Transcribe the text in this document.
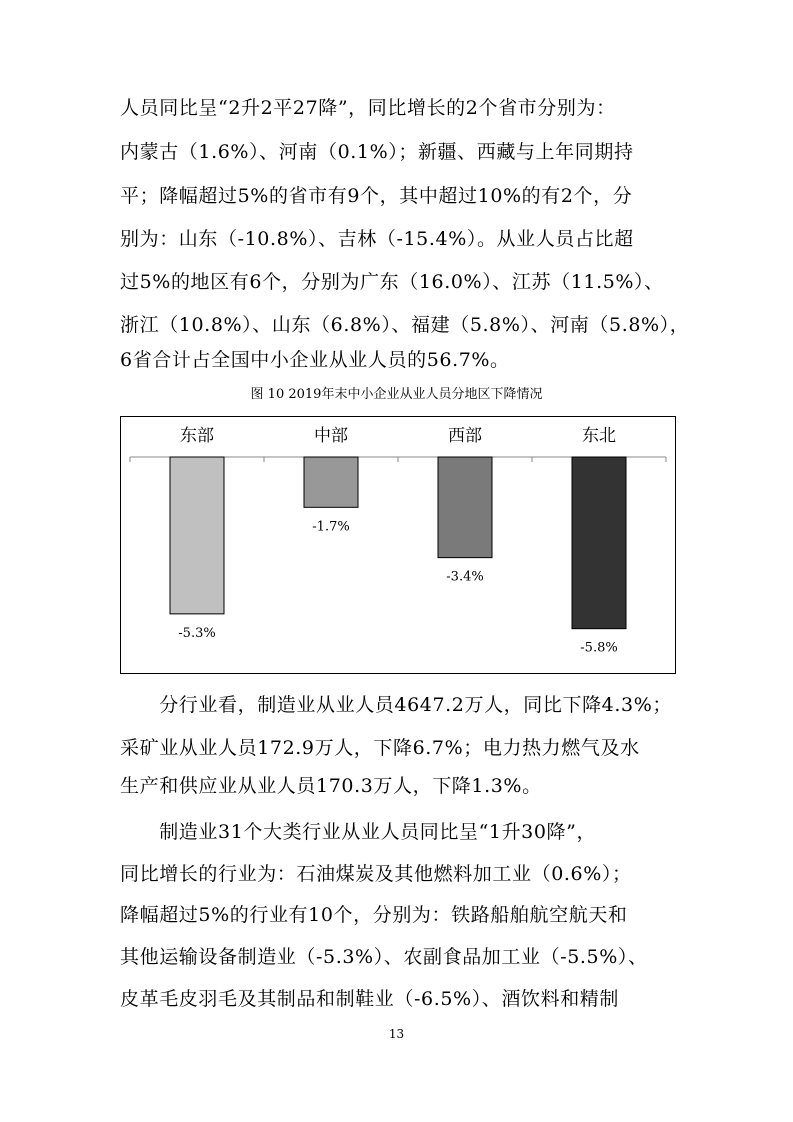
人员同比呈“2升2平27降”，同比增长的2个省市分别为：
内蒙古（1.6%）、河南（0.1%）；新疆、西藏与上年同期持
平；降幅超过5%的省市有9个，其中超过10%的有2个，分
别为：山东（-10.8%）、吉林（-15.4%）。从业人员占比超
过5%的地区有6个，分别为广东（16.0%）、江苏（11.5%）、
浙江（10.8%）、山东（6.8%）、福建（5.8%）、河南（5.8%），
6省合计占全国中小企业从业人员的56.7%。
图 10 2019年末中小企业从业人员分地区下降情况
东部
-5.3%
中部
-1.7%
西部
-3.4%
东北
-5.8%
　　分行业看，制造业从业人员4647.2万人，同比下降4.3%；
采矿业从业人员172.9万人，下降6.7%；电力热力燃气及水
生产和供应业从业人员170.3万人，下降1.3%。
　　制造业31个大类行业从业人员同比呈“1升30降”，
同比增长的行业为：石油煤炭及其他燃料加工业（0.6%）；
降幅超过5%的行业有10个，分别为：铁路船舶航空航天和
其他运输设备制造业（-5.3%）、农副食品加工业（-5.5%）、
皮革毛皮羽毛及其制品和制鞋业（-6.5%）、酒饮料和精制
13
